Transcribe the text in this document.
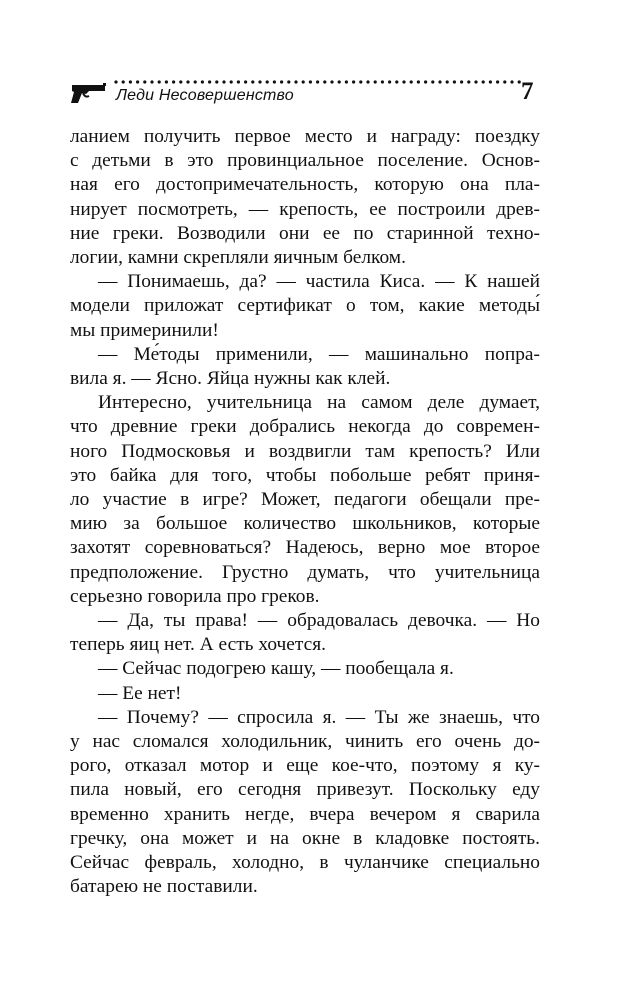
Леди Несовершенство	7

ланием получить первое место и награду: поездку

с детьми в это провинциальное поселение. Основ-

ная его достопримечательность, которую она пла-

нирует посмотреть, — крепость, ее построили древ-

ние греки. Возводили они ее по старинной техно-

логии, камни скрепляли яичным белком.

— Понимаешь, да? — частила Киса. — К нашей

модели приложат сертификат о том, какие методы́

мы примеринили!

— Ме́тоды применили, — машинально попра-

вила я. — Ясно. Яйца нужны как клей.

Интересно, учительница на самом деле думает,

что древние греки добрались некогда до современ-

ного Подмосковья и воздвигли там крепость? Или

это байка для того, чтобы побольше ребят приня-

ло участие в игре? Может, педагоги обещали пре-

мию за большое количество школьников, которые

захотят соревноваться? Надеюсь, верно мое второе

предположение. Грустно думать, что учительница

серьезно говорила про греков.

— Да, ты права! — обрадовалась девочка. — Но

теперь яиц нет. А есть хочется.

— Сейчас подогрею кашу, — пообещала я.

— Ее нет!

— Почему? — спросила я. — Ты же знаешь, что

у нас сломался холодильник, чинить его очень до-

рого, отказал мотор и еще кое-что, поэтому я ку-

пила новый, его сегодня привезут. Поскольку еду

временно хранить негде, вчера вечером я сварила

гречку, она может и на окне в кладовке постоять.

Сейчас февраль, холодно, в чуланчике специально

батарею не поставили.
